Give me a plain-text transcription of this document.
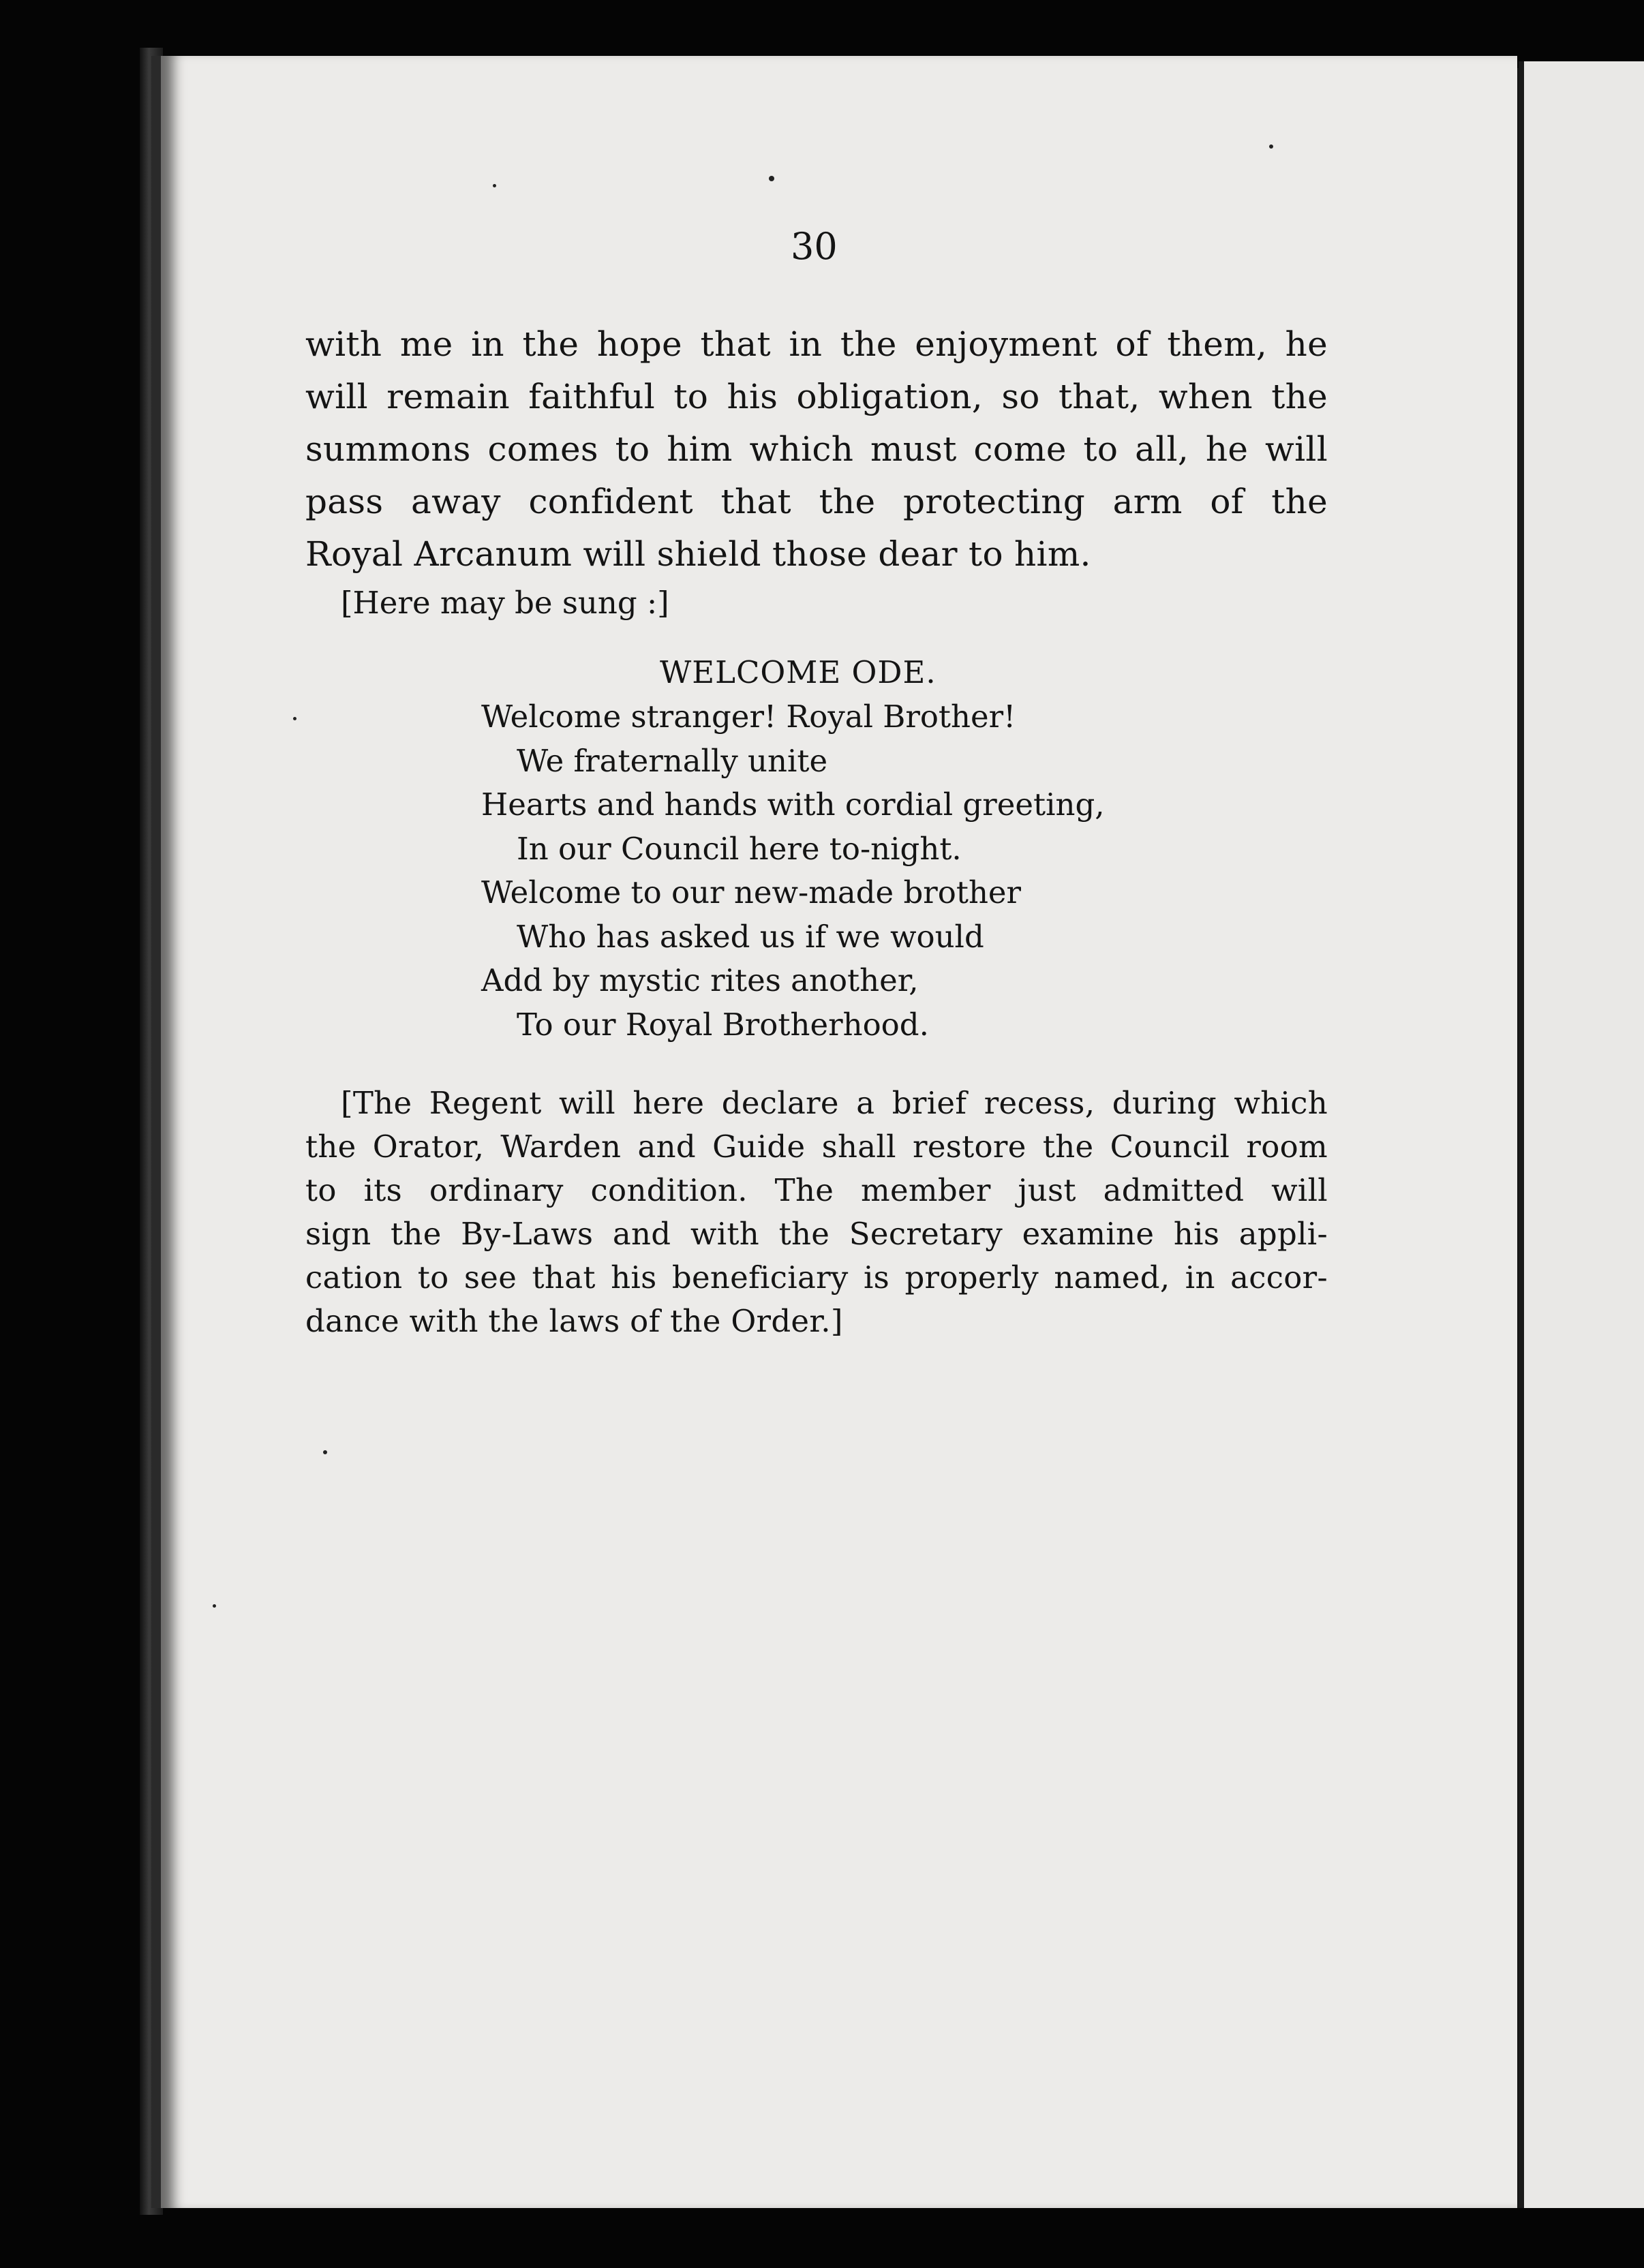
30
with me in the hope that in the enjoyment of them, he
will remain faithful to his obligation, so that, when the
summons comes to him which must come to all, he will
pass away confident that the protecting arm of the
Royal Arcanum will shield those dear to him.
[Here may be sung :]
WELCOME ODE.
Welcome stranger! Royal Brother!
We fraternally unite
Hearts and hands with cordial greeting,
In our Council here to-night.
Welcome to our new-made brother
Who has asked us if we would
Add by mystic rites another,
To our Royal Brotherhood.
[The Regent will here declare a brief recess, during which
the Orator, Warden and Guide shall restore the Council room
to its ordinary condition. The member just admitted will
sign the By-Laws and with the Secretary examine his appli-
cation to see that his beneficiary is properly named, in accor-
dance with the laws of the Order.]
